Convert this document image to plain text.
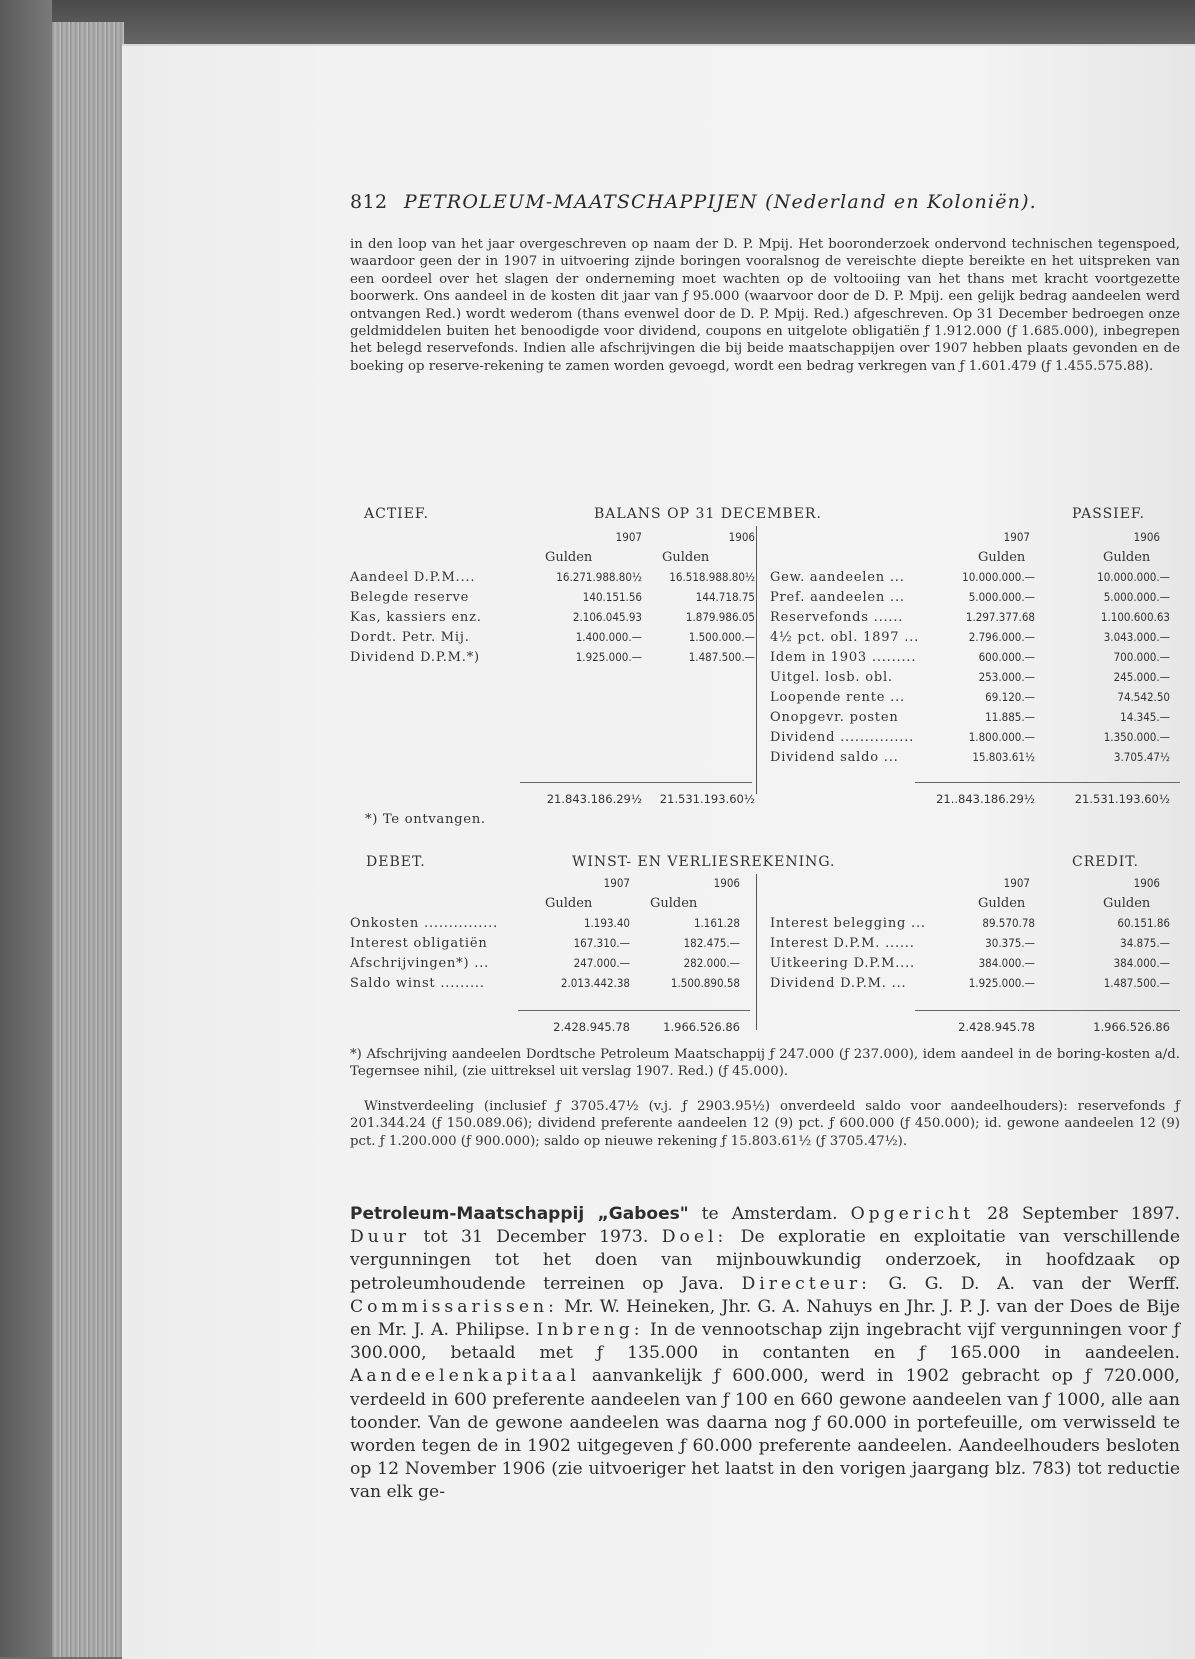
812 PETROLEUM-MAATSCHAPPIJEN (Nederland en Koloniën).
in den loop van het jaar overgeschreven op naam der D. P. Mpij. Het booronderzoek ondervond technischen tegenspoed, waardoor geen der in 1907 in uitvoering zijnde boringen vooralsnog de vereischte diepte bereikte en het uitspreken van een oordeel over het slagen der onderneming moet wachten op de voltooiing van het thans met kracht voortgezette boorwerk. Ons aandeel in de kosten dit jaar van ƒ 95.000 (waarvoor door de D. P. Mpij. een gelijk bedrag aandeelen werd ontvangen Red.) wordt wederom (thans evenwel door de D. P. Mpij. Red.) afgeschreven. Op 31 December bedroegen onze geldmiddelen buiten het benoodigde voor dividend, coupons en uitgelote obligatiën ƒ 1.912.000 (ƒ 1.685.000), inbegrepen het belegd reservefonds. Indien alle afschrijvingen die bij beide maatschappijen over 1907 hebben plaats gevonden en de boeking op reserve-rekening te zamen worden gevoegd, wordt een bedrag verkregen van ƒ 1.601.479 (ƒ 1.455.575.88).
ACTIEF.	BALANS OP 31 DECEMBER.	PASSIEF.
1907	1906	1907	1906
Gulden	Gulden	Gulden	Gulden
Aandeel D.P.M....	16.271.988.80½	16.518.988.80½
Belegde reserve	140.151.56	144.718.75
Kas, kassiers enz.	2.106.045.93	1.879.986.05
Dordt. Petr. Mij.	1.400.000.—	1.500.000.—
Dividend D.P.M.*)	1.925.000.—	1.487.500.—
Gew. aandeelen ...	10.000.000.—	10.000.000.—
Pref. aandeelen ...	5.000.000.—	5.000.000.—
Reservefonds ......	1.297.377.68	1.100.600.63
4½ pct. obl. 1897 ...	2.796.000.—	3.043.000.—
Idem in 1903 .........	600.000.—	700.000.—
Uitgel. losb. obl.	253.000.—	245.000.—
Loopende rente ...	69.120.—	74.542.50
Onopgevr. posten	11.885.—	14.345.—
Dividend ...............	1.800.000.—	1.350.000.—
Dividend saldo ...	15.803.61½	3.705.47½
21.843.186.29½	21.531.193.60½	21..843.186.29½	21.531.193.60½
*) Te ontvangen.
DEBET.	WINST- EN VERLIESREKENING.	CREDIT.
1907	1906	1907	1906
Gulden	Gulden	Gulden	Gulden
Onkosten ...............	1.193.40	1.161.28
Interest obligatiën	167.310.—	182.475.—
Afschrijvingen*) ...	247.000.—	282.000.—
Saldo winst .........	2.013.442.38	1.500.890.58
Interest belegging ...	89.570.78	60.151.86
Interest D.P.M. ......	30.375.—	34.875.—
Uitkeering D.P.M....	384.000.—	384.000.—
Dividend D.P.M. ...	1.925.000.—	1.487.500.—
2.428.945.78	1.966.526.86	2.428.945.78	1.966.526.86
*) Afschrijving aandeelen Dordtsche Petroleum Maatschappij ƒ 247.000 (ƒ 237.000), idem aandeel in de boring-kosten a/d. Tegernsee nihil, (zie uittreksel uit verslag 1907. Red.) (ƒ 45.000).
Winstverdeeling (inclusief ƒ 3705.47½ (v.j. ƒ 2903.95½) onverdeeld saldo voor aandeelhouders): reservefonds ƒ 201.344.24 (ƒ 150.089.06); dividend preferente aandeelen 12 (9) pct. ƒ 600.000 (ƒ 450.000); id. gewone aandeelen 12 (9) pct. ƒ 1.200.000 (ƒ 900.000); saldo op nieuwe rekening ƒ 15.803.61½ (ƒ 3705.47½).
Petroleum-Maatschappij „Gaboes" te Amsterdam. Opgericht 28 September 1897. Duur tot 31 December 1973. Doel: De exploratie en exploitatie van verschillende vergunningen tot het doen van mijnbouwkundig onderzoek, in hoofdzaak op petroleumhoudende terreinen op Java. Directeur: G. G. D. A. van der Werff. Commissarissen: Mr. W. Heineken, Jhr. G. A. Nahuys en Jhr. J. P. J. van der Does de Bije en Mr. J. A. Philipse. Inbreng: In de vennootschap zijn ingebracht vijf vergunningen voor ƒ 300.000, betaald met ƒ 135.000 in contanten en ƒ 165.000 in aandeelen. Aandeelenkapitaal aanvankelijk ƒ 600.000, werd in 1902 gebracht op ƒ 720.000, verdeeld in 600 preferente aandeelen van ƒ 100 en 660 gewone aandeelen van ƒ 1000, alle aan toonder. Van de gewone aandeelen was daarna nog ƒ 60.000 in portefeuille, om verwisseld te worden tegen de in 1902 uitgegeven ƒ 60.000 preferente aandeelen. Aandeelhouders besloten op 12 November 1906 (zie uitvoeriger het laatst in den vorigen jaargang blz. 783) tot reductie van elk ge-
